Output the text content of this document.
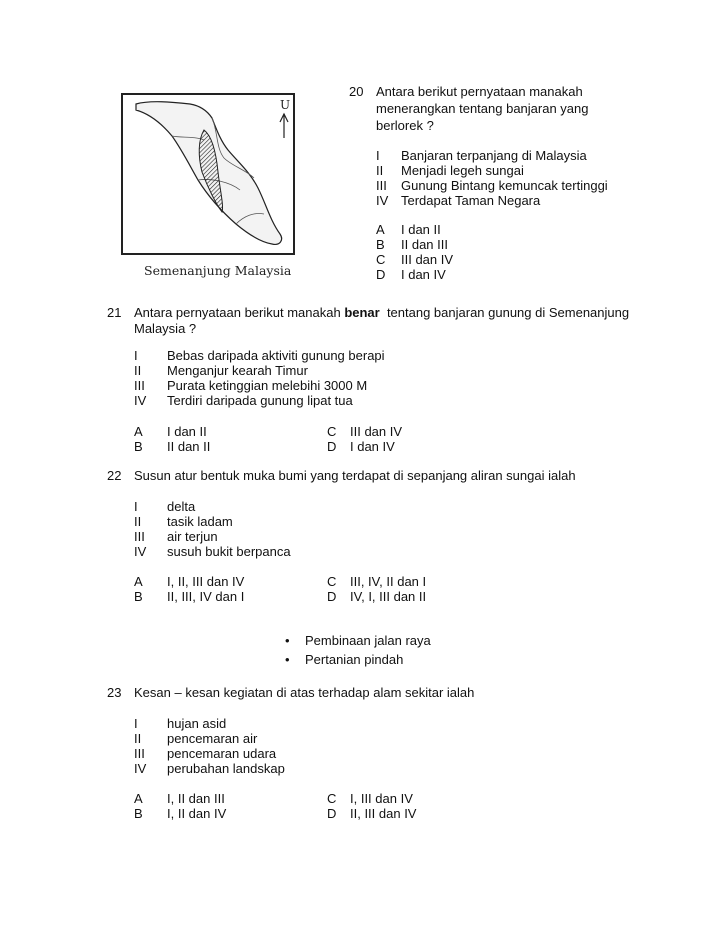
U
Semenanjung Malaysia
20 Antara berikut pernyataan manakah
menerangkan tentang banjaran yang
berlorek ?
I Banjaran terpanjang di Malaysia
II Menjadi legeh sungai
III Gunung Bintang kemuncak tertinggi
IV Terdapat Taman Negara
A I dan II
B II dan III
C III dan IV
D I dan IV
21 Antara pernyataan berikut manakah benar  tentang banjaran gunung di Semenanjung
Malaysia ?
I Bebas daripada aktiviti gunung berapi
II Menganjur kearah Timur
III Purata ketinggian melebihi 3000 M
IV Terdiri daripada gunung lipat tua
A I dan II
B II dan II
C III dan IV
D I dan IV
22 Susun atur bentuk muka bumi yang terdapat di sepanjang aliran sungai ialah
I delta
II tasik ladam
III air terjun
IV susuh bukit berpanca
A I, II, III dan IV
B II, III, IV dan I
C III, IV, II dan I
D IV, I, III dan II
• Pembinaan jalan raya
• Pertanian pindah
23 Kesan – kesan kegiatan di atas terhadap alam sekitar ialah
I hujan asid
II pencemaran air
III pencemaran udara
IV perubahan landskap
A I, II dan III
B I, II dan IV
C I, III dan IV
D II, III dan IV
